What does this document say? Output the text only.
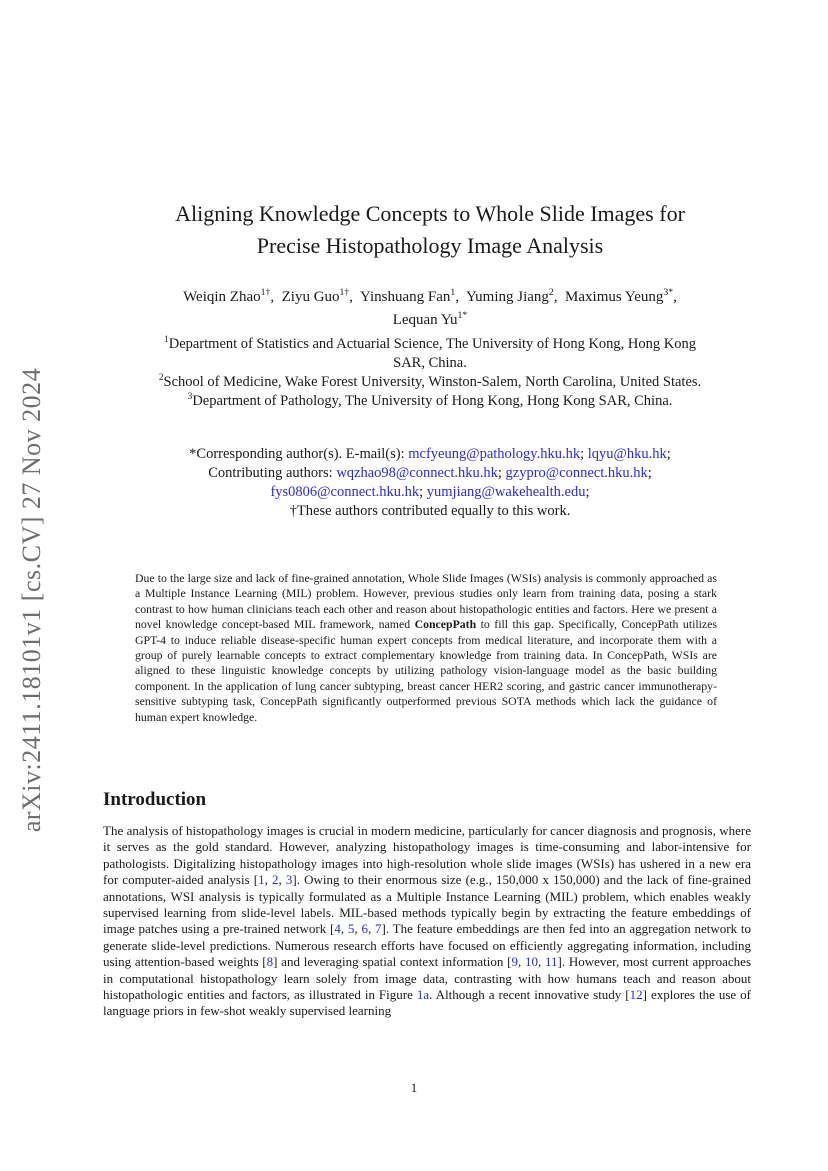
arXiv:2411.18101v1 [cs.CV] 27 Nov 2024
Aligning Knowledge Concepts to Whole Slide Images for
Precise Histopathology Image Analysis
Weiqin Zhao$^{1\dagger}$,  Ziyu Guo$^{1\dagger}$,  Yinshuang Fan$^1$,  Yuming Jiang$^2$,  Maximus Yeung$^{3*}$,
Lequan $Yu^{1*}$
$^1$Department of Statistics and Actuarial Science, The University of Hong Kong, Hong Kong
SAR, China.
$^2$School of Medicine, Wake Forest University, Winston-Salem, North Carolina, United States.
$^3$Department of Pathology, The University of Hong Kong, Hong Kong SAR, China.
*Corresponding author(s). E-mail(s): mcfyeung@pathology.hku.hk; lqyu@hku.hk;
Contributing authors: wqzhao98@connect.hku.hk; gzypro@connect.hku.hk;
fys0806@connect.hku.hk; yumjiang@wakehealth.edu;
†These authors contributed equally to this work.
Due to the large size and lack of fine-grained annotation, Whole Slide Images (WSIs) analysis is commonly approached as a Multiple Instance Learning (MIL) problem. However, previous studies only learn from training data, posing a stark contrast to how human clinicians teach each other and reason about histopathologic entities and factors. Here we present a novel knowledge concept-based MIL framework, named ConcepPath to fill this gap. Specifically, ConcepPath utilizes GPT-4 to induce reliable disease-specific human expert concepts from medical literature, and incorporate them with a group of purely learnable concepts to extract complementary knowledge from training data. In ConcepPath, WSIs are aligned to these linguistic knowledge concepts by utilizing pathology vision-language model as the basic building component. In the application of lung cancer subtyping, breast cancer HER2 scoring, and gastric cancer immunotherapy-sensitive subtyping task, ConcepPath significantly outperformed previous SOTA methods which lack the guidance of human expert knowledge.
Introduction
The analysis of histopathology images is crucial in modern medicine, particularly for cancer diagnosis and prognosis, where it serves as the gold standard. However, analyzing histopathology images is time-consuming and labor-intensive for pathologists. Digitalizing histopathology images into high-resolution whole slide images (WSIs) has ushered in a new era for computer-aided analysis [1, 2, 3]. Owing to their enormous size (e.g., 150,000 x 150,000) and the lack of fine-grained annotations, WSI analysis is typically formulated as a Multiple Instance Learning (MIL) problem, which enables weakly supervised learning from slide-level labels. MIL-based methods typically begin by extracting the feature embeddings of image patches using a pre-trained network [4, 5, 6, 7]. The feature embeddings are then fed into an aggregation network to generate slide-level predictions. Numerous research efforts have focused on efficiently aggregating information, including using attention-based weights [8] and leveraging spatial context information [9, 10, 11]. However, most current approaches in computational histopathology learn solely from image data, contrasting with how humans teach and reason about histopathologic entities and factors, as illustrated in Figure 1a. Although a recent innovative study [12] explores the use of language priors in few-shot weakly supervised learning
1
